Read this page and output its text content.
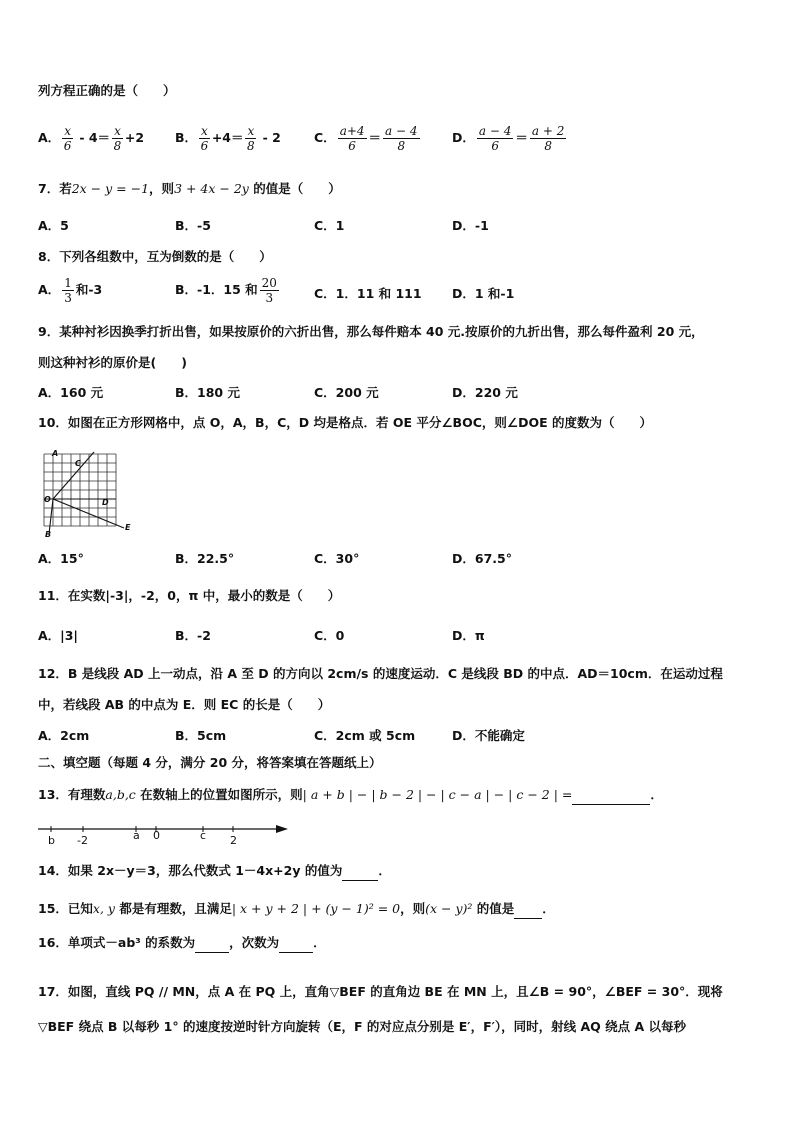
列方程正确的是（　　）
A． $\frac{x}{6} - 4= \frac{x}{8} +2$ B． $\frac{x}{6} +4= \frac{x}{8} - 2$	C． $\frac{a+4}{6} = \frac{a - 4}{8}$	D． $\frac{a - 4}{6} = \frac{a + 2}{8}$
7．若2x − y = −1，则3 + 4x − 2y 的值是（　　）
A．5	B．-5	C．1	D．-1
8．下列各组数中，互为倒数的是（　　）
A． $\frac{1}{3}$ 和-3	B．-1．15 和 $\frac{20}{3}$	C．1．11 和 111 D．1 和-1
9．某种衬衫因换季打折出售，如果按原价的六折出售，那么每件赔本 40 元.按原价的九折出售，那么每件盈利 20 元，
则这种衬衫的原价是(　　)
A．160 元	B．180 元	C．200 元	D．220 元
10．如图在正方形网格中，点 O，A，B，C，D 均是格点．若 OE 平分∠BOC，则∠DOE 的度数为（　　）
A
C
O	D
B
E
A．15°	B．22.5°	C．30°	D．67.5°
11．在实数|-3|，-2，0，π 中，最小的数是（　　）
A．|3|	B．-2	C．0	D．π
12．B 是线段 AD 上一动点，沿 A 至 D 的方向以 2cm/s 的速度运动．C 是线段 BD 的中点．AD＝10cm．在运动过程
中，若线段 AB 的中点为 E．则 EC 的长是（　　）
A．2cm	B．5cm	C．2cm 或 5cm	D．不能确定
二、填空题（每题 4 分，满分 20 分，将答案填在答题纸上）
13．有理数a,b,c 在数轴上的位置如图所示，则| a + b | − | b − 2 | − | c − a | − | c − 2 | =	．
b -2	a 0	c 2
14．如果 2x－y＝3，那么代数式 1－4x+2y 的值为	．
15．已知x, y 都是有理数，且满足| x + y + 2 | + (y − 1)² = 0，则(x − y)² 的值是 ．
16．单项式－ab³ 的系数为	，次数为	．
17．如图，直线 PQ // MN，点 A 在 PQ 上，直角▽BEF 的直角边 BE 在 MN 上，且∠B = 90°，∠BEF = 30°．现将
▽BEF 绕点 B 以每秒 1° 的速度按逆时针方向旋转（E，F 的对应点分别是 E′，F′），同时，射线 AQ 绕点 A 以每秒
